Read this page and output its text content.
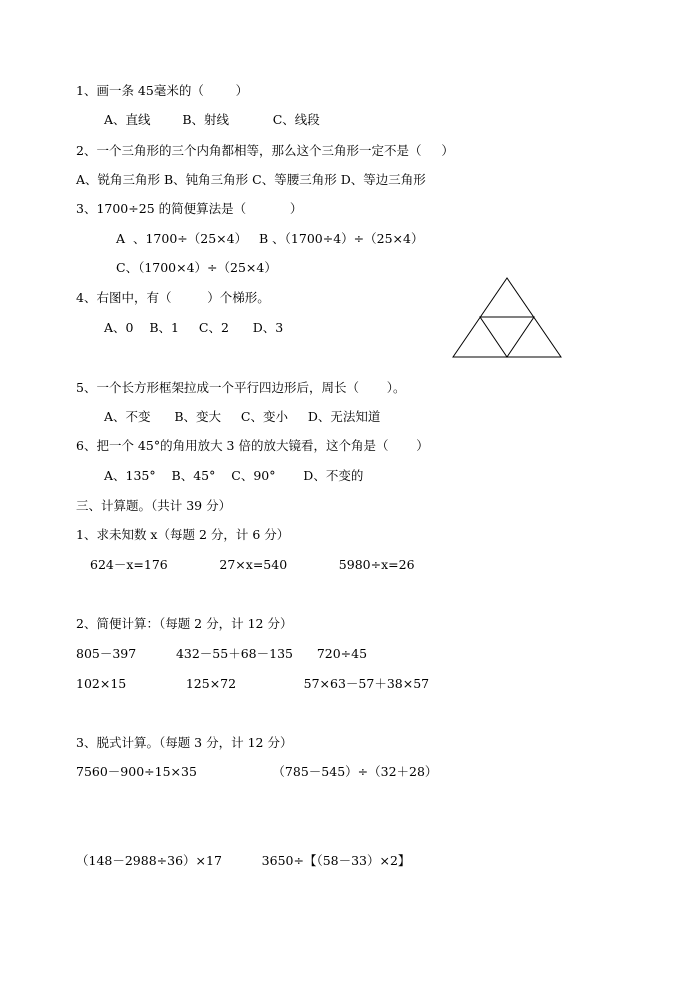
1、画一条 45毫米的（        ）
A、直线        B、射线           C、线段
2、一个三角形的三个内角都相等，那么这个三角形一定不是（     ）
A、锐角三角形 B、钝角三角形 C、等腰三角形 D、等边三角形
3、1700÷25 的简便算法是（           ）
A  、1700÷（25×4）   B 、（1700÷4）÷（25×4）
C、（1700×4）÷（25×4）
4、右图中，有（         ）个梯形。
A、0    B、1     C、2      D、3
5、一个长方形框架拉成一个平行四边形后，周长（       ）。
A、不变      B、变大     C、变小     D、无法知道
6、把一个 45°的角用放大 3 倍的放大镜看，这个角是（       ）
A、135°    B、45°    C、90°       D、不变的
三、计算题。（共计 39 分）
1、求未知数 x（每题 2 分，计 6 分）
624－x=176             27×x=540             5980÷x=26
2、简便计算：（每题 2 分，计 12 分）
805－397          432－55＋68－135      720÷45
102×15               125×72                 57×63－57＋38×57
3、脱式计算。（每题 3 分，计 12 分）
7560－900÷15×35                   （785－545）÷（32＋28）
（148－2988÷36）×17          3650÷【（58－33）×2】
